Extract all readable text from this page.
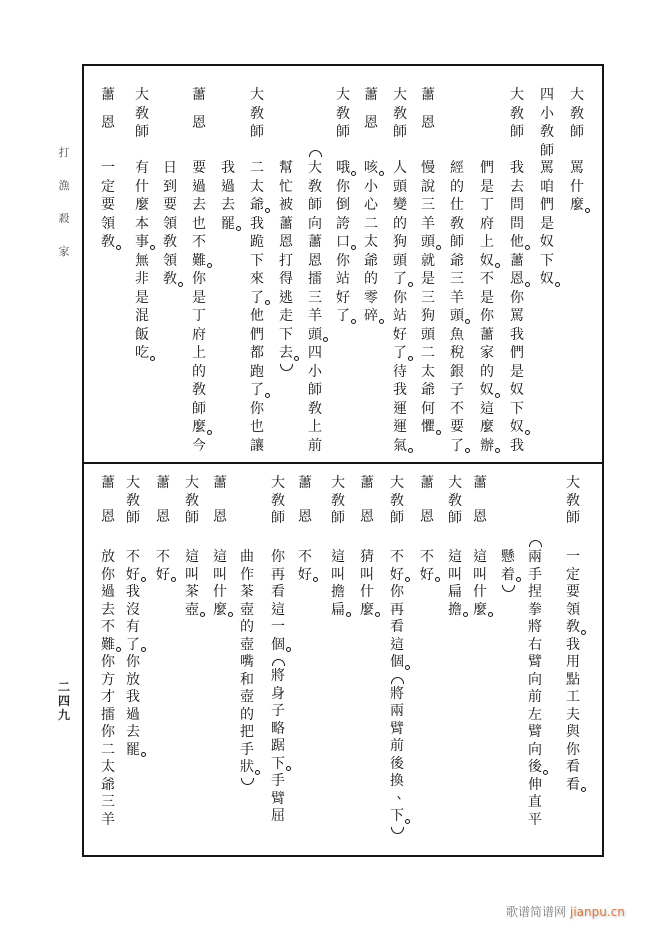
打
漁
殺
家
二
四
九
大
敎
師
罵
什
麼
四
小
敎
師
罵
咱
們
是
奴
下
奴
大
敎
師
我
去
問
問
他
蕭
恩
你
罵
我
們
是
奴
下
奴
我
們
是
丁
府
上
奴
不
是
你
蕭
家
的
奴
這
麼
辦
經
的
仕
敎
師
爺
三
羊
頭
魚
稅
銀
子
不
要
了
蕭
恩
慢
說
三
羊
頭
就
是
三
狗
頭
二
太
爺
何
懼
大
敎
師
人
頭
變
的
狗
頭
了
你
站
好
了
待
我
運
運
氣
蕭
恩
咳
小
心
二
太
爺
的
零
碎
大
敎
師
哦
你
倒
誇
口
你
站
好
了
大
敎
師
向
蕭
恩
擂
三
羊
頭
四
小
師
敎
上
前
幫
忙
被
蕭
恩
打
得
逃
走
下
去
大
敎
師
二
太
爺
我
跪
下
來
了
他
們
都
跑
了
你
也
讓
我
過
去
罷
蕭
恩
要
過
去
也
不
難
你
是
丁
府
上
的
敎
師
麼
今
日
到
要
領
敎
領
敎
大
敎
師
有
什
麼
本
事
無
非
是
混
飯
吃
蕭
恩
一
定
要
領
敎
大
敎
師
一
定
要
領
敎
我
用
點
工
夫
與
你
看
看
兩
手
捏
拳
將
右
臂
向
前
左
臂
向
後
伸
直
平
懸
着
蕭
恩
這
叫
什
麼
大
敎
師
這
叫
扁
擔
蕭
恩
不
好
大
敎
師
不
好
你
再
看
這
個
將
兩
臂
前
後
換
下
蕭
恩
猜
叫
什
麼
大
敎
師
這
叫
擔
扁
蕭
恩
不
好
大
敎
師
你
再
看
這
一
個
將
身
子
略
踞
下
手
臂
屈
曲
作
茶
壺
的
壺
嘴
和
壺
的
把
手
狀
蕭
恩
這
叫
什
麼
大
敎
師
這
叫
茶
壺
蕭
恩
不
好
大
敎
師
不
好
我
沒
有
了
你
放
我
過
去
罷
蕭
恩
放
你
過
去
不
難
你
方
才
擂
你
二
太
爺
三
羊
歌谱简谱网 jianpu.cn
